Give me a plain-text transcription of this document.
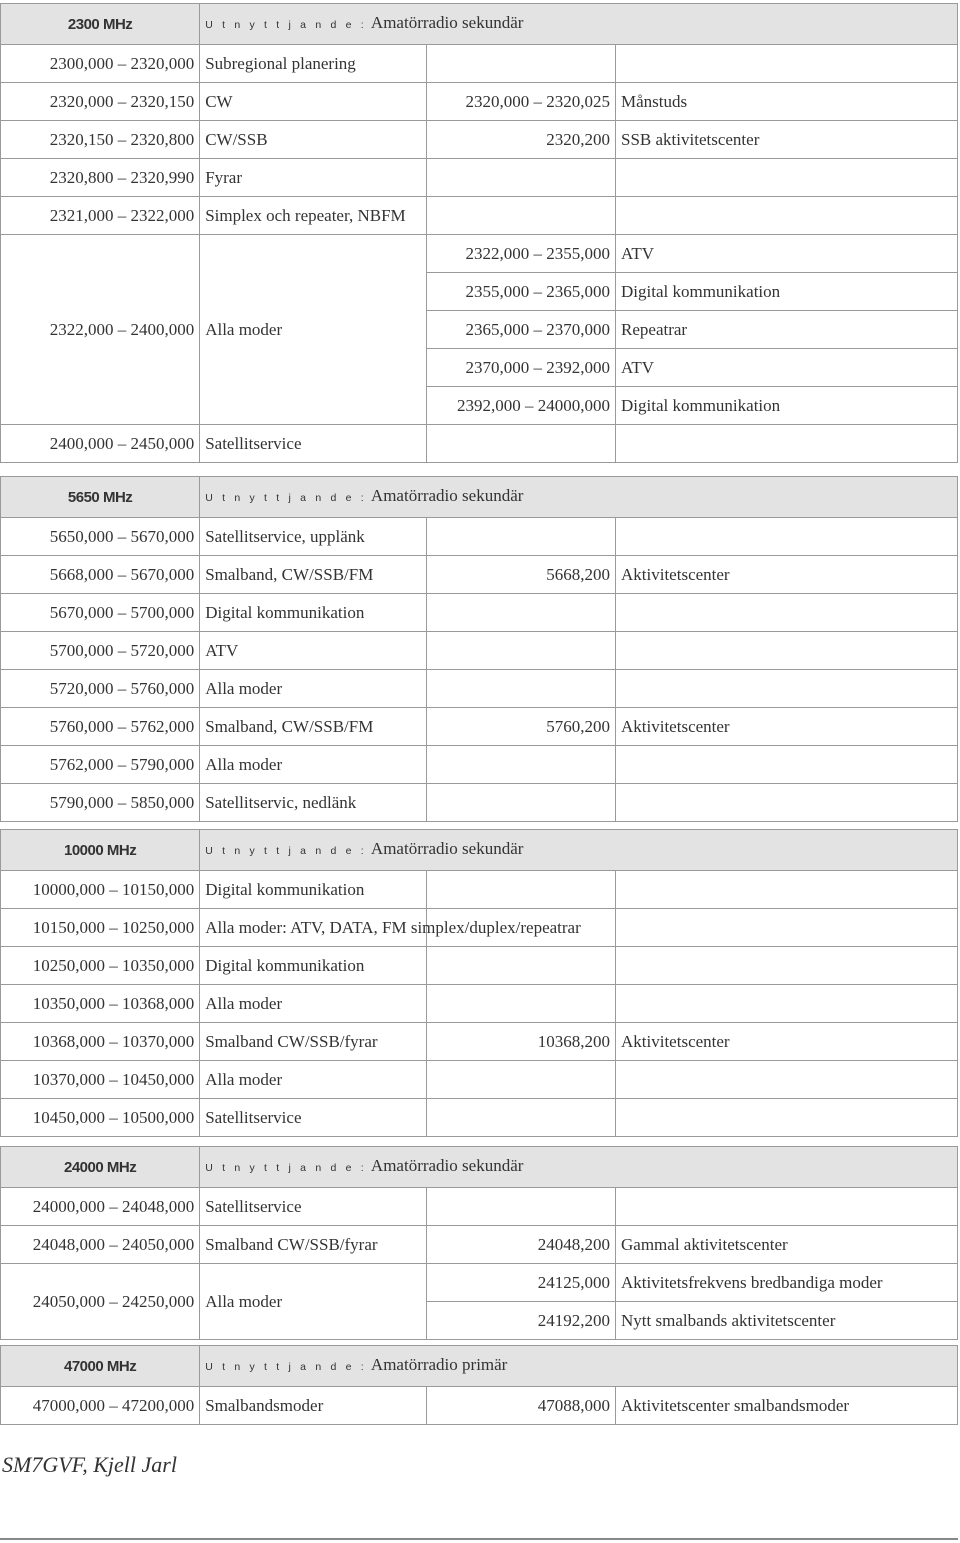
2300 MHz	U t n y t t j a n d e : Amatörradio sekundär		
2300,000 – 2320,000	Subregional planering		
2320,000 – 2320,150	CW	2320,000 – 2320,025	Månstuds
2320,150 – 2320,800	CW/SSB	2320,200	SSB aktivitetscenter
2320,800 – 2320,990	Fyrar		
2321,000 – 2322,000	Simplex och repeater, NBFM		
2322,000 – 2400,000	Alla moder	2322,000 – 2355,000	ATV
		2355,000 – 2365,000	Digital kommunikation
		2365,000 – 2370,000	Repeatrar
		2370,000 – 2392,000	ATV
		2392,000 – 24000,000	Digital kommunikation
2400,000 – 2450,000	Satellitservice		
5650 MHz	U t n y t t j a n d e : Amatörradio sekundär		
5650,000 – 5670,000	Satellitservice, upplänk		
5668,000 – 5670,000	Smalband, CW/SSB/FM	5668,200	Aktivitetscenter
5670,000 – 5700,000	Digital kommunikation		
5700,000 – 5720,000	ATV		
5720,000 – 5760,000	Alla moder		
5760,000 – 5762,000	Smalband, CW/SSB/FM	5760,200	Aktivitetscenter
5762,000 – 5790,000	Alla moder		
5790,000 – 5850,000	Satellitservic, nedlänk		
10000 MHz	U t n y t t j a n d e : Amatörradio sekundär		
10000,000 – 10150,000	Digital kommunikation		
10150,000 – 10250,000	Alla moder: ATV, DATA, FM simplex/duplex/repeatrar		
10250,000 – 10350,000	Digital kommunikation		
10350,000 – 10368,000	Alla moder		
10368,000 – 10370,000	Smalband CW/SSB/fyrar	10368,200	Aktivitetscenter
10370,000 – 10450,000	Alla moder		
10450,000 – 10500,000	Satellitservice		
24000 MHz	U t n y t t j a n d e : Amatörradio sekundär		
24000,000 – 24048,000	Satellitservice		
24048,000 – 24050,000	Smalband CW/SSB/fyrar	24048,200	Gammal aktivitetscenter
24050,000 – 24250,000	Alla moder	24125,000	Aktivitetsfrekvens bredbandiga moder
		24192,200	Nytt smalbands aktivitetscenter
47000 MHz	U t n y t t j a n d e : Amatörradio primär		
47000,000 – 47200,000	Smalbandsmoder	47088,000	Aktivitetscenter smalbandsmoder
SM7GVF, Kjell Jarl
